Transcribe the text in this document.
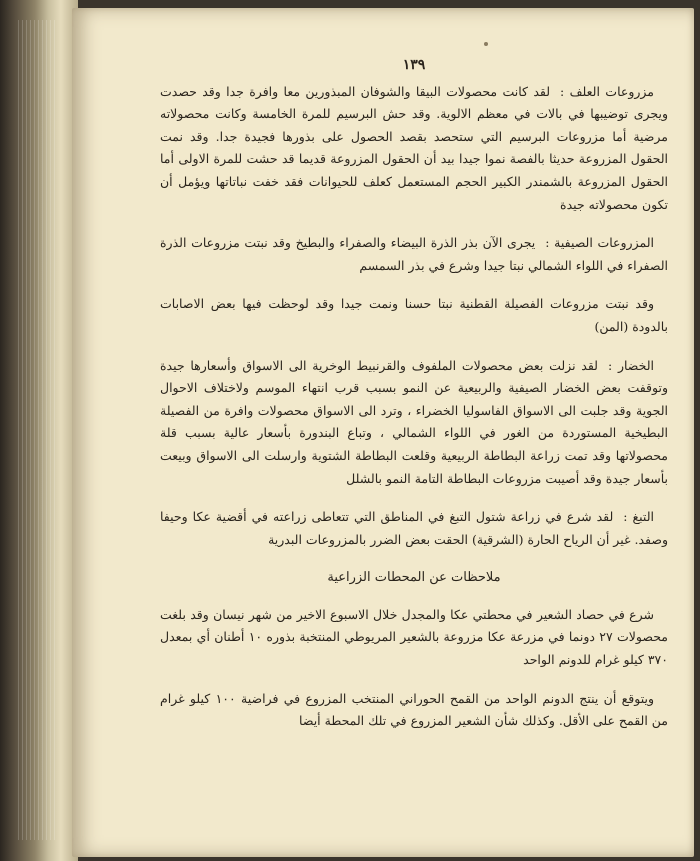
١٣٩

مزروعات العلف :لقد كانت محصولات البيقا والشوفان المبذورين معا وافرة جدا وقد حصدت ويجرى توضيبها في بالات في معظم الالوية. وقد حش البرسيم للمرة الخامسة وكانت محصولاته مرضية أما مزروعات البرسيم التي ستحصد بقصد الحصول على بذورها فجيدة جدا. وقد نمت الحقول المزروعة حديثا بالفصة نموا جيدا بيد أن الحقول المزروعة قديما قد حشت للمرة الاولى أما الحقول المزروعة بالشمندر الكبير الحجم المستعمل كعلف للحيوانات فقد خفت نباتاتها ويؤمل أن تكون محصولاته جيدة

المزروعات الصيفية :يجرى الآن بذر الذرة البيضاء والصفراء والبطيخ وقد نبتت مزروعات الذرة الصفراء في اللواء الشمالي نبتا جيدا وشرع في بذر السمسم

وقد نبتت مزروعات الفصيلة القطنية نبتا حسنا ونمت جيدا وقد لوحظت فيها بعض الاصابات بالدودة (المن)

الخضار :لقد نزلت بعض محصولات الملفوف والقرنبيط الوخرية الى الاسواق وأسعارها جيدة وتوقفت بعض الخضار الصيفية والربيعية عن النمو بسبب قرب انتهاء الموسم ولاختلاف الاحوال الجوية وقد جلبت الى الاسواق الفاسوليا الخضراء ، وترد الى الاسواق محصولات وافرة من الفصيلة البطيخية المستوردة من الغور في اللواء الشمالي ، وتباع البندورة بأسعار عالية بسبب قلة محصولاتها وقد تمت زراعة البطاطة الربيعية وقلعت البطاطة الشتوية وارسلت الى الاسواق وبيعت بأسعار جيدة وقد أصيبت مزروعات البطاطة التامة النمو بالشلل

التبغ :لقد شرع في زراعة شتول التبغ في المناطق التي تتعاطى زراعته في أقضية عكا وحيفا وصفد. غير أن الرياح الحارة (الشرقية) الحقت بعض الضرر بالمزروعات البدرية

ملاحظات عن المحطات الزراعية

شرع في حصاد الشعير في محطتي عكا والمجدل خلال الاسبوع الاخير من شهر نيسان وقد بلغت محصولات ٢٧ دونما في مزرعة عكا مزروعة بالشعير المريوطي المنتخبة بذوره ١٠ أطنان أي بمعدل ٣٧٠ كيلو غرام للدونم الواحد

ويتوقع أن ينتج الدونم الواحد من القمح الحوراني المنتخب المزروع في فراضية ١٠٠ كيلو غرام من القمح على الأقل. وكذلك شأن الشعير المزروع في تلك المحطة أيضا
